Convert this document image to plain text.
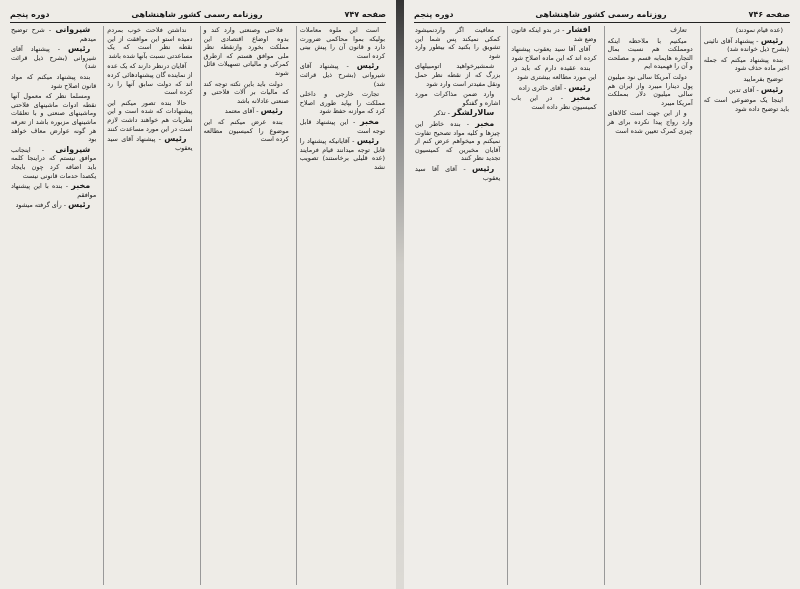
صفحه ۷۴۷
روزنامه رسمی کشور شاهنشاهی
دوره پنجم

است این ملوه معاملات بولیکه بموا محاکمی ضرورت دارد و قانون آن را پیش بینی کرده است

رئیس - پیشنهاد آقای شیروانی (بشرح ذیل قرائت شد)

تجارت خارجی و داخلی مملکت را بپاید طوری اصلاح کرد که موازنه حفظ شود

مخبر - این پیشنهاد قابل توجه است

رئیس - آقایانیکه پیشنهاد را قابل توجه میدانند قیام فرمایند (عده قلیلی برخاستند) تصویب نشد

فلاحتی وصنعتی وارد کند و بدوه اوضاع اقتصادی این مملکت بخورد وازنقطه نظر ملی موافق هستم که ازطرق کمرکی و مالیاتی تسهیلات قائل شوند

دولت باید باین نکته توجه کند که مالیات بر آلات فلاحتی و صنعتی عادلانه باشد

رئیس - آقای معتمد

بنده عرض میکنم که این موضوع را کمیسیون مطالعه کرده است

نداشتن فلاحت خوب بمردم دمیده استو این موافقت از این نقطه نظر است که یک مساعدتی نسبت بآنها شده باشد

آقایان درنظر دارند که یک عده از نماینده گان پیشنهادهائی کرده اند که دولت سابق آنها را رد کرده است

حالا بنده تصور میکنم این پیشنهادات که شده است و این نظریات هم خواهند داشت لازم است در این مورد مساعدت کنند

رئیس - پیشنهاد آقای سید یعقوب

شیروانی - شرح توضیح میدهم

رئیس - پیشنهاد آقای شیروانی (بشرح ذیل قرائت شد)

بنده پیشنهاد میکنم که مواد قانون اصلاح شود

ومسلما نظر که معمول آنها نقطه ادوات ماشینهای فلاحتی وماشینهای صنعتی و با تعلقات ماشینهای مزبوره باشد از تعرفه هر گونه عوارض معاف خواهد بود

شیروانی - اینجانب موافق نیستم که دراینجا کلمه باید اضافه کرد چون بایجاد یکصدا حدمات قانونی نیست

مخبر - بنده با این پیشنهاد موافقم

رئیس - رأی گرفته میشود

صفحه ۷۴۶
روزنامه رسمی کشور شاهنشاهی
دوره پنجم

(عده قیام نمودند)

رئیس - پیشنهاد آقای نائینی (بشرح ذیل خوانده شد)

بنده پیشنهاد میکنم که جمله اخیر ماده حذف شود

توضیح بفرمایید

رئیس - آقای تدین

اینجا یک موضوعی است که باید توضیح داده شود

تعارف

میکنیم با ملاحظه اینکه دومملکت هم نسبت بمال التجاره هایمابه قسم و مصلحت و آن را فهمیده ایم

دولت آمریکا سالی نود میلیون پول دینارا میبرد واز ایران هم سالی میلیون دلار بمملکت آمریکا میبرد

و از این جهت است کالاهای وارد رواج پیدا نکرده برای هر چیزی کمرک تعیین شده است

افشار - در بدو اینکه قانون وضع شد

آقای آقا سید یعقوب پیشنهاد کرده اند که این ماده اصلاح شود

بنده عقیده دارم که باید در این مورد مطالعه بیشتری شود

رئیس - آقای حائری زاده

مخبر - در این باب کمیسیون نظر داده است

معافیت اگر واردنمیشود کمکی نمیکند پس شما این تشویق را بکنید که بیطور وارد شود

شمشیرخواهید اتومبیلهای بزرگ که از نقطه نظر حمل ونقل مفیدتر است وارد شود

وارد ضمن مذاکرات مورد اشاره و گفتگو

سالارلشگر - تذکر

مخبر - بنده خاطر این چیزها و کلیه مواد تصحیح تفاوت نمیکنم و میخواهم عرض کنم از آقایان مخبرین که کمیسیون تجدید نظر کنند

رئیس - آقای آقا سید یعقوب
